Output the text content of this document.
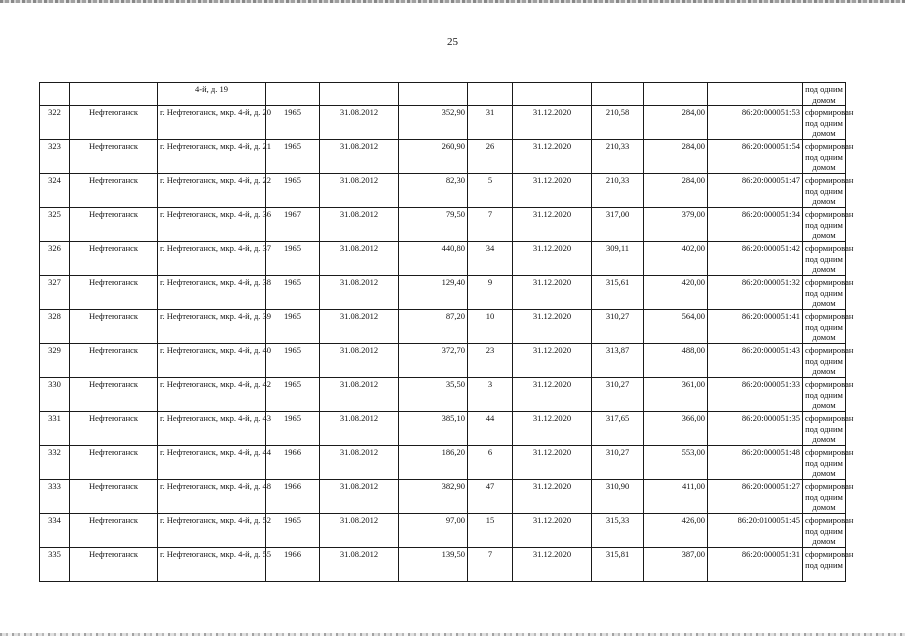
25
		4-й, д. 19									под одним
домом

322	Нефтеюганск	г. Нефтеюганск, мкр. 4-й, д. 20	1965	31.08.2012	352,90	31	31.12.2020	210,58	284,00	86:20:000051:53	сформирован
под одним
домом

323	Нефтеюганск	г. Нефтеюганск, мкр. 4-й, д. 21	1965	31.08.2012	260,90	26	31.12.2020	210,33	284,00	86:20:000051:54	сформирован
под одним
домом

324	Нефтеюганск	г. Нефтеюганск, мкр. 4-й, д. 22	1965	31.08.2012	82,30	5	31.12.2020	210,33	284,00	86:20:000051:47	сформирован
под одним
домом

325	Нефтеюганск	г. Нефтеюганск, мкр. 4-й, д. 36	1967	31.08.2012	79,50	7	31.12.2020	317,00	379,00	86:20:000051:34	сформирован
под одним
домом

326	Нефтеюганск	г. Нефтеюганск, мкр. 4-й, д. 37	1965	31.08.2012	440,80	34	31.12.2020	309,11	402,00	86:20:000051:42	сформирован
под одним
домом

327	Нефтеюганск	г. Нефтеюганск, мкр. 4-й, д. 38	1965	31.08.2012	129,40	9	31.12.2020	315,61	420,00	86:20:000051:32	сформирован
под одним
домом

328	Нефтеюганск	г. Нефтеюганск, мкр. 4-й, д. 39	1965	31.08.2012	87,20	10	31.12.2020	310,27	564,00	86:20:000051:41	сформирован
под одним
домом

329	Нефтеюганск	г. Нефтеюганск, мкр. 4-й, д. 40	1965	31.08.2012	372,70	23	31.12.2020	313,87	488,00	86:20:000051:43	сформирован
под одним
домом

330	Нефтеюганск	г. Нефтеюганск, мкр. 4-й, д. 42	1965	31.08.2012	35,50	3	31.12.2020	310,27	361,00	86:20:000051:33	сформирован
под одним
домом

331	Нефтеюганск	г. Нефтеюганск, мкр. 4-й, д. 43	1965	31.08.2012	385,10	44	31.12.2020	317,65	366,00	86:20:000051:35	сформирован
под одним
домом

332	Нефтеюганск	г. Нефтеюганск, мкр. 4-й, д. 44	1966	31.08.2012	186,20	6	31.12.2020	310,27	553,00	86:20:000051:48	сформирован
под одним
домом

333	Нефтеюганск	г. Нефтеюганск, мкр. 4-й, д. 48	1966	31.08.2012	382,90	47	31.12.2020	310,90	411,00	86:20:000051:27	сформирован
под одним
домом

334	Нефтеюганск	г. Нефтеюганск, мкр. 4-й, д. 52	1965	31.08.2012	97,00	15	31.12.2020	315,33	426,00	86:20:0100051:45	сформирован
под одним
домом

335	Нефтеюганск	г. Нефтеюганск, мкр. 4-й, д. 55	1966	31.08.2012	139,50	7	31.12.2020	315,81	387,00	86:20:000051:31	сформирован
под одним
